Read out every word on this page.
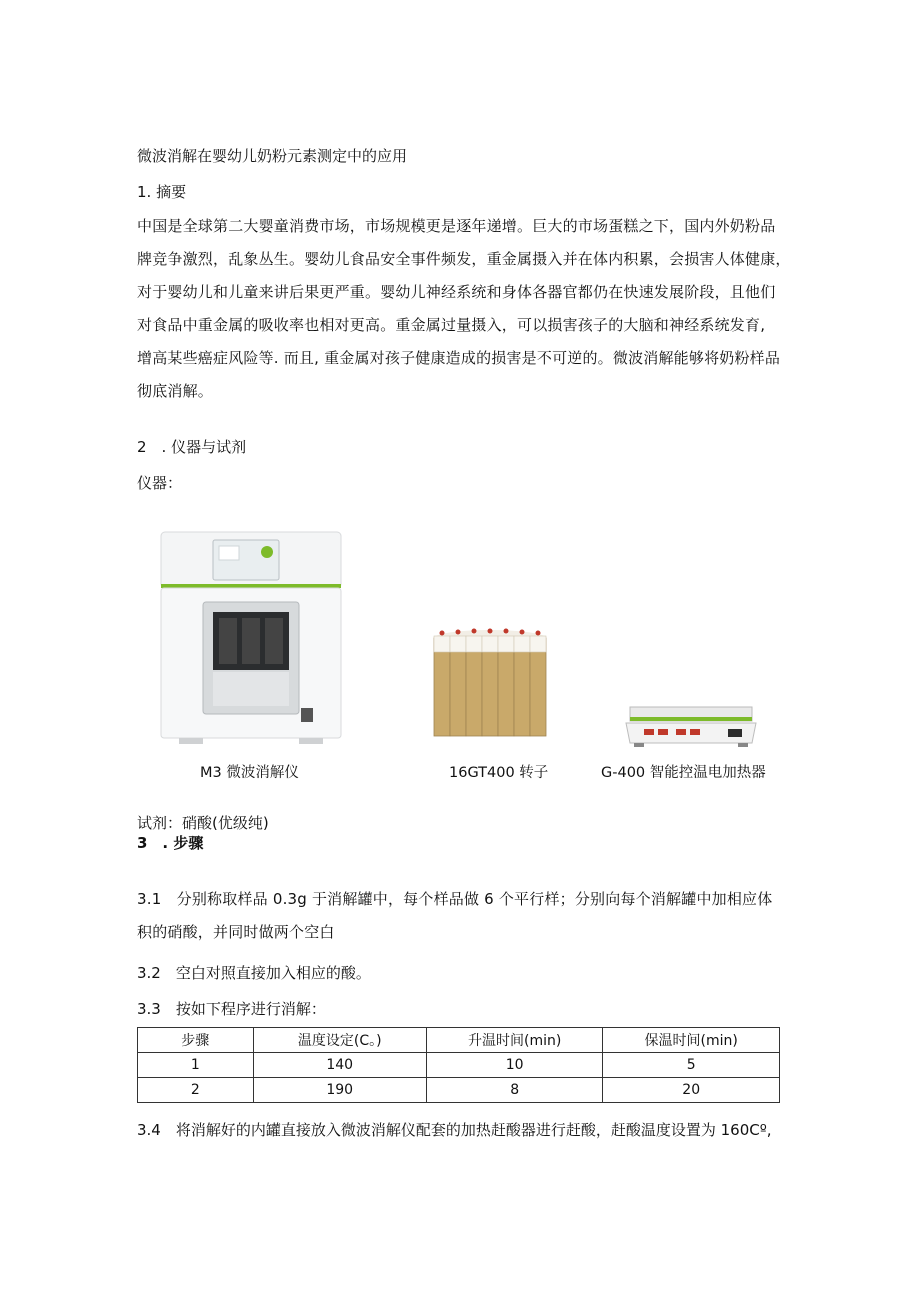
微波消解在婴幼儿奶粉元素测定中的应用
1. 摘要
中国是全球第二大婴童消费市场，市场规模更是逐年递增。巨大的市场蛋糕之下，国内外奶粉品
牌竞争激烈，乱象丛生。婴幼儿食品安全事件频发，重金属摄入并在体内积累，会损害人体健康，
对于婴幼儿和儿童来讲后果更严重。婴幼儿神经系统和身体各器官都仍在快速发展阶段，且他们
对食品中重金属的吸收率也相对更高。重金属过量摄入，可以损害孩子的大脑和神经系统发育,
增高某些癌症风险等. 而且, 重金属对孩子健康造成的损害是不可逆的。微波消解能够将奶粉样品
彻底消解。
2　. 仪器与试剂
仪器：
M3 微波消解仪	16GT400 转子	G-400 智能控温电加热器
试剂：硝酸(优级纯)
3　. 步骤
3.1　分别称取样品 0.3g 于消解罐中，每个样品做 6 个平行样；分别向每个消解罐中加相应体
积的硝酸，并同时做两个空白
3.2　空白对照直接加入相应的酸。
3.3　按如下程序进行消解：
步骤	温度设定(C。)	升温时间(min)	保温时间(min)
1	140	10	5
2	190	8	20
3.4　将消解好的内罐直接放入微波消解仪配套的加热赶酸器进行赶酸，赶酸温度设置为 160Cº,
